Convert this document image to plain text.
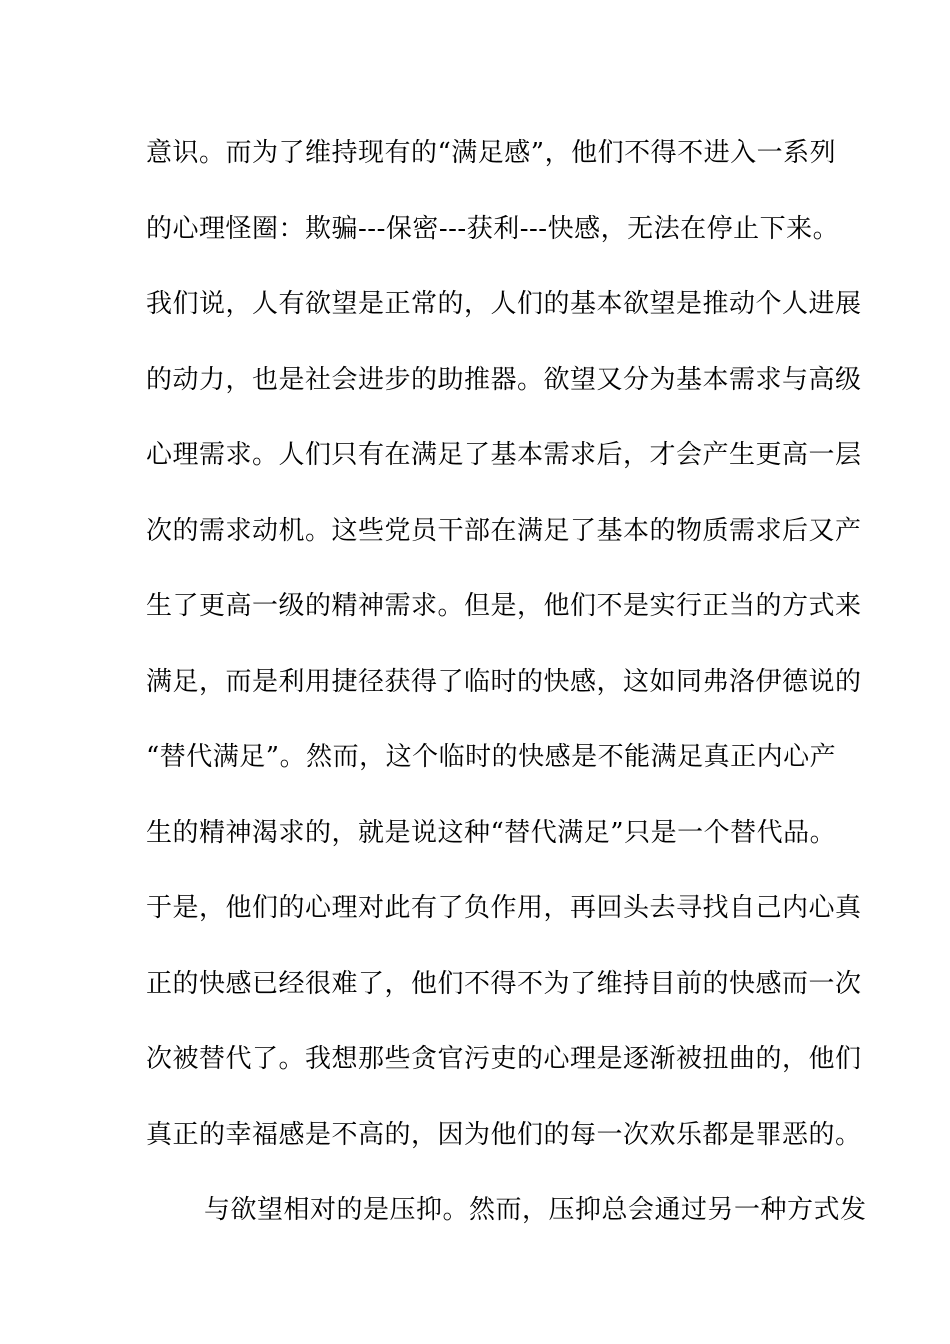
意识。而为了维持现有的“满足感”，他们不得不进入一系列
的心理怪圈：欺骗---保密---获利---快感，无法在停止下来。
我们说，人有欲望是正常的，人们的基本欲望是推动个人进展
的动力，也是社会进步的助推器。欲望又分为基本需求与高级
心理需求。人们只有在满足了基本需求后，才会产生更高一层
次的需求动机。这些党员干部在满足了基本的物质需求后又产
生了更高一级的精神需求。但是，他们不是实行正当的方式来
满足，而是利用捷径获得了临时的快感，这如同弗洛伊德说的
“替代满足”。然而，这个临时的快感是不能满足真正内心产
生的精神渴求的，就是说这种“替代满足”只是一个替代品。
于是，他们的心理对此有了负作用，再回头去寻找自己内心真
正的快感已经很难了，他们不得不为了维持目前的快感而一次
次被替代了。我想那些贪官污吏的心理是逐渐被扭曲的，他们
真正的幸福感是不高的，因为他们的每一次欢乐都是罪恶的。
与欲望相对的是压抑。然而，压抑总会通过另一种方式发
